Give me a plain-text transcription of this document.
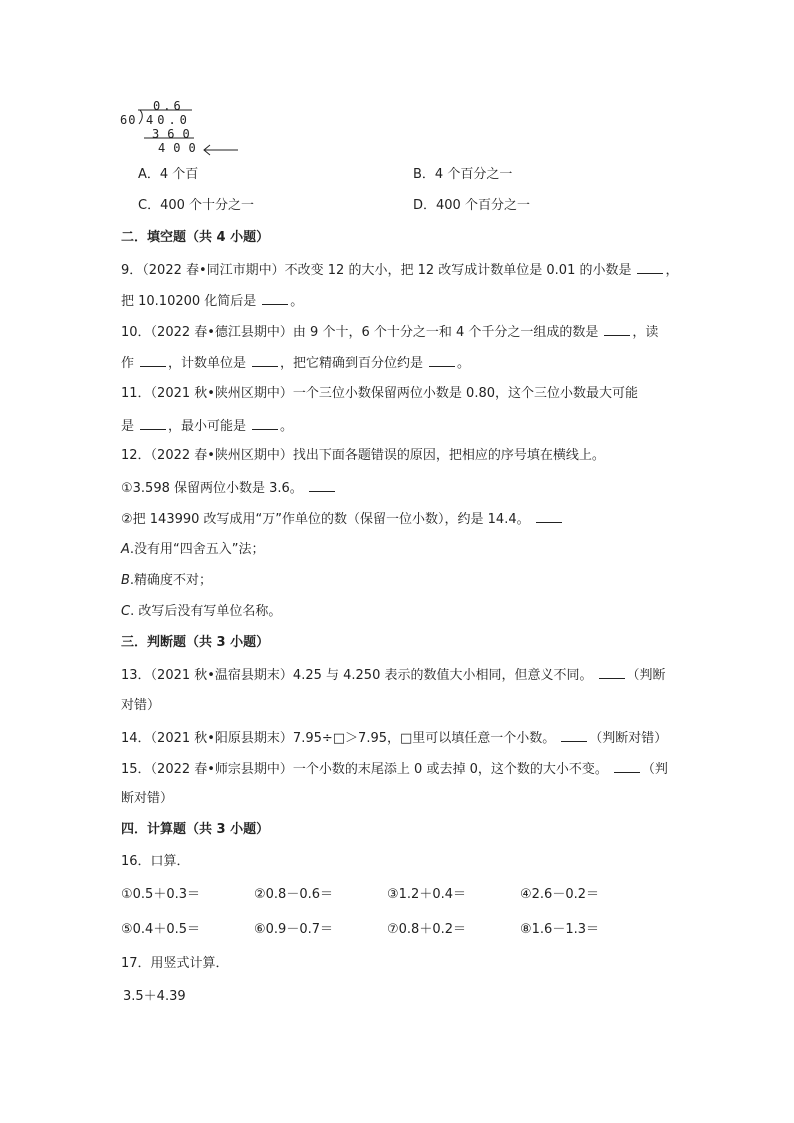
0.6
60 40.0
360
400
A．4 个百	B．4 个百分之一
C．400 个十分之一	D．400 个百分之一
二．填空题（共 4 小题）
9．（2022 春•同江市期中）不改变 12 的大小，把 12 改写成计数单位是 0.01 的小数是	，
把 10.10200 化简后是	。
10．（2022 春•德江县期中）由 9 个十，6 个十分之一和 4 个千分之一组成的数是	，读
作	，计数单位是	，把它精确到百分位约是	。
11．（2021 秋•陕州区期中）一个三位小数保留两位小数是 0.80，这个三位小数最大可能
是	，最小可能是	。
12．（2022 春•陕州区期中）找出下面各题错误的原因，把相应的序号填在横线上。
①3.598 保留两位小数是 3.6。
②把 143990 改写成用“万”作单位的数（保留一位小数），约是 14.4。
A.没有用“四舍五入”法；
B.精确度不对；
C. 改写后没有写单位名称。
三．判断题（共 3 小题）
13．（2021 秋•温宿县期末）4.25 与 4.250 表示的数值大小相同，但意义不同。	（判断
对错）
14．（2021 秋•阳原县期末）7.95÷□＞7.95，□里可以填任意一个小数。	（判断对错）
15．（2022 春•师宗县期中）一个小数的末尾添上 0 或去掉 0，这个数的大小不变。	（判
断对错）
四．计算题（共 3 小题）
16．口算．
①0.5＋0.3＝	②0.8－0.6＝	③1.2＋0.4＝	④2.6－0.2＝
⑤0.4＋0.5＝	⑥0.9－0.7＝	⑦0.8＋0.2＝	⑧1.6－1.3＝
17．用竖式计算．
3.5＋4.39
